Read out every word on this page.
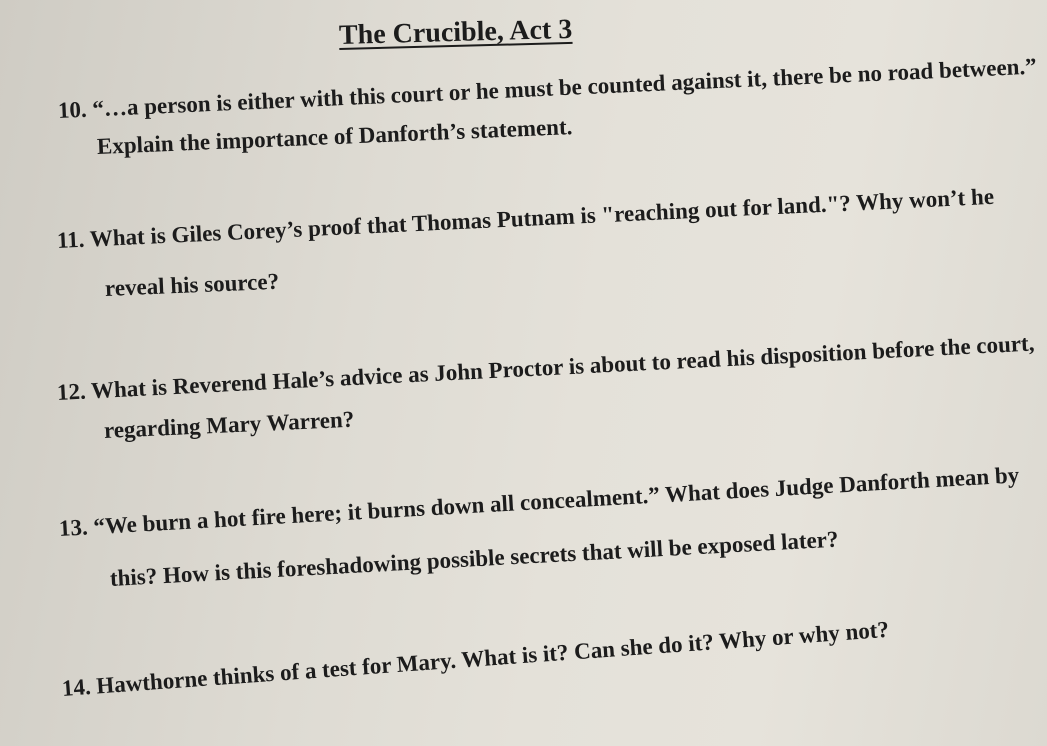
The Crucible, Act 3
10. “…a person is either with this court or he must be counted against it, there be no road between.”
Explain the importance of Danforth’s statement.
11. What is Giles Corey’s proof that Thomas Putnam is "reaching out for land."? Why won’t he
reveal his source?
12. What is Reverend Hale’s advice as John Proctor is about to read his disposition before the court,
regarding Mary Warren?
13. “We burn a hot fire here; it burns down all concealment.” What does Judge Danforth mean by
this? How is this foreshadowing possible secrets that will be exposed later?
14. Hawthorne thinks of a test for Mary. What is it? Can she do it? Why or why not?
